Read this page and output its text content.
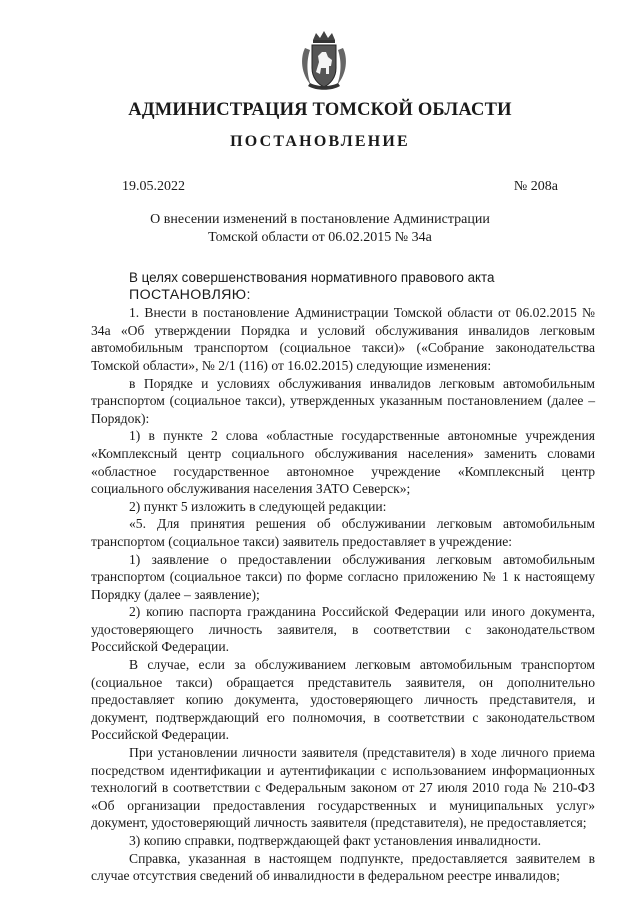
АДМИНИСТРАЦИЯ ТОМСКОЙ ОБЛАСТИ
ПОСТАНОВЛЕНИЕ
19.05.2022	№ 208а
О внесении изменений в постановление Администрации
Томской области от 06.02.2015 № 34а

В целях совершенствования нормативного правового акта

ПОСТАНОВЛЯЮ:

1. Внести в постановление Администрации Томской области от 06.02.2015 № 34а «Об утверждении Порядка и условий обслуживания инвалидов легковым автомобильным транспортом (социальное такси)» («Собрание законодательства Томской области», № 2/1 (116) от 16.02.2015) следующие изменения:

в Порядке и условиях обслуживания инвалидов легковым автомобильным транспортом (социальное такси), утвержденных указанным постановлением (далее – Порядок):

1) в пункте 2 слова «областные государственные автономные учреждения «Комплексный центр социального обслуживания населения» заменить словами «областное государственное автономное учреждение «Комплексный центр социального обслуживания населения ЗАТО Северск»;

2) пункт 5 изложить в следующей редакции:

«5. Для принятия решения об обслуживании легковым автомобильным транспортом (социальное такси) заявитель предоставляет в учреждение:

1) заявление о предоставлении обслуживания легковым автомобильным транспортом (социальное такси) по форме согласно приложению № 1 к настоящему Порядку (далее – заявление);

2) копию паспорта гражданина Российской Федерации или иного документа, удостоверяющего личность заявителя, в соответствии с законодательством Российской Федерации.

В случае, если за обслуживанием легковым автомобильным транспортом (социальное такси) обращается представитель заявителя, он дополнительно предоставляет копию документа, удостоверяющего личность представителя, и документ, подтверждающий его полномочия, в соответствии с законодательством Российской Федерации.

При установлении личности заявителя (представителя) в ходе личного приема посредством идентификации и аутентификации с использованием информационных технологий в соответствии с Федеральным законом от 27 июля 2010 года № 210-ФЗ «Об организации предоставления государственных и муниципальных услуг» документ, удостоверяющий личность заявителя (представителя), не предоставляется;

3) копию справки, подтверждающей факт установления инвалидности.

Справка, указанная в настоящем подпункте, предоставляется заявителем в случае отсутствия сведений об инвалидности в федеральном реестре инвалидов;
